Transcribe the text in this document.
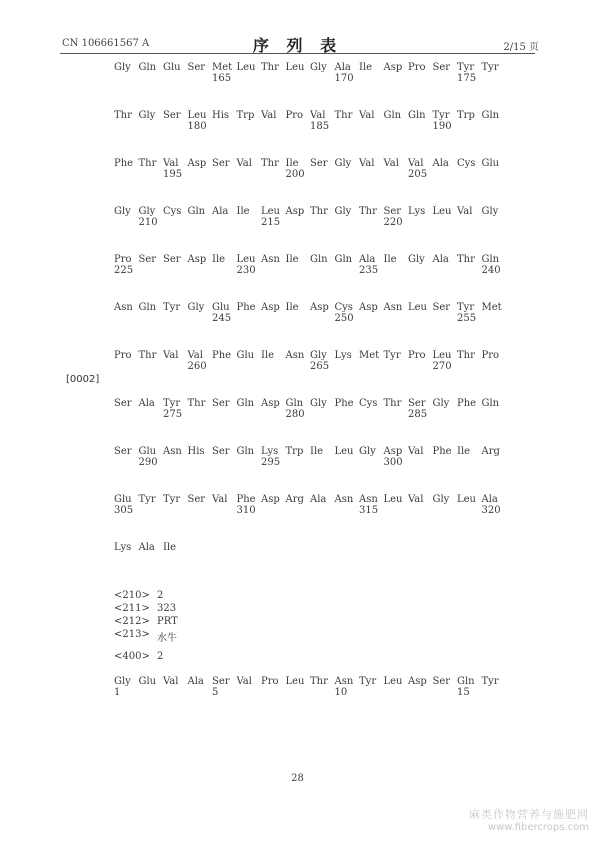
CN 106661567 A	序 列 表	2/15 页
[0002]
Gly Gln Glu Ser Met Leu Thr Leu Gly Ala Ile Asp Pro Ser Tyr Tyr
165	170	175
Thr Gly Ser Leu His Trp Val Pro Val Thr Val Gln Gln Tyr Trp Gln
180	185	190
Phe Thr Val Asp Ser Val Thr Ile Ser Gly Val Val Val Ala Cys Glu
195	200	205
Gly Gly Cys Gln Ala Ile Leu Asp Thr Gly Thr Ser Lys Leu Val Gly
210	215	220
Pro Ser Ser Asp Ile Leu Asn Ile Gln Gln Ala Ile Gly Ala Thr Gln
225	230	235	240
Asn Gln Tyr Gly Glu Phe Asp Ile Asp Cys Asp Asn Leu Ser Tyr Met
245	250	255
Pro Thr Val Val Phe Glu Ile Asn Gly Lys Met Tyr Pro Leu Thr Pro
260	265	270
Ser Ala Tyr Thr Ser Gln Asp Gln Gly Phe Cys Thr Ser Gly Phe Gln
275	280	285
Ser Glu Asn His Ser Gln Lys Trp Ile Leu Gly Asp Val Phe Ile Arg
290	295	300
Glu Tyr Tyr Ser Val Phe Asp Arg Ala Asn Asn Leu Val Gly Leu Ala
305	310	315	320
Lys Ala Ile
<210> 2
<211> 323
<212> PRT
<213> 水牛
<400> 2
Gly Glu Val Ala Ser Val Pro Leu Thr Asn Tyr Leu Asp Ser Gln Tyr
1	5	10	15
28
麻类作物营养与施肥网
www.fibercrops.com
